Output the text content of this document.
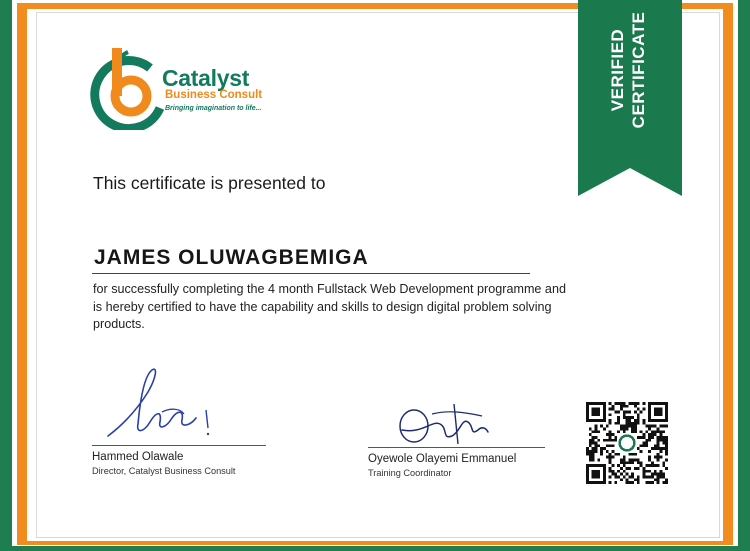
VERIFIED CERTIFICATE
Catalyst
Business Consult
Bringing imagination to life...
This certificate is presented to
JAMES OLUWAGBEMIGA
for successfully completing the 4 month Fullstack Web Development programme and is hereby certified to have the capability and skills to design digital problem solving products.
Hammed Olawale
Director, Catalyst Business Consult
Oyewole Olayemi Emmanuel
Training Coordinator
